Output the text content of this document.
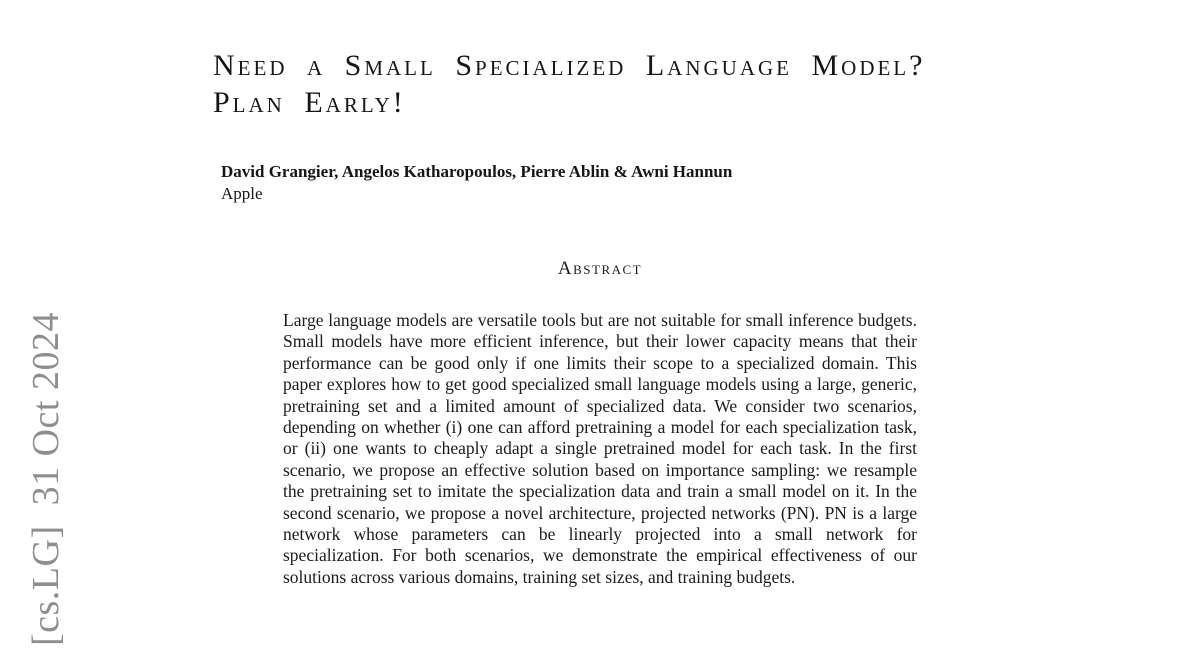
[cs.LG]  31 Oct 2024
Need a Small Specialized Language Model?
Plan Early!
David Grangier, Angelos Katharopoulos, Pierre Ablin & Awni Hannun
Apple
Abstract
Large language models are versatile tools but are not suitable for small inference budgets. Small models have more efficient inference, but their lower capacity means that their performance can be good only if one limits their scope to a specialized domain. This paper explores how to get good specialized small language models using a large, generic, pretraining set and a limited amount of specialized data. We consider two scenarios, depending on whether (i) one can afford pretraining a model for each specialization task, or (ii) one wants to cheaply adapt a single pretrained model for each task. In the first scenario, we propose an effective solution based on importance sampling: we resample the pretraining set to imitate the specialization data and train a small model on it. In the second scenario, we propose a novel architecture, projected networks (PN). PN is a large network whose parameters can be linearly projected into a small network for specialization. For both scenarios, we demonstrate the empirical effectiveness of our solutions across various domains, training set sizes, and training budgets.
